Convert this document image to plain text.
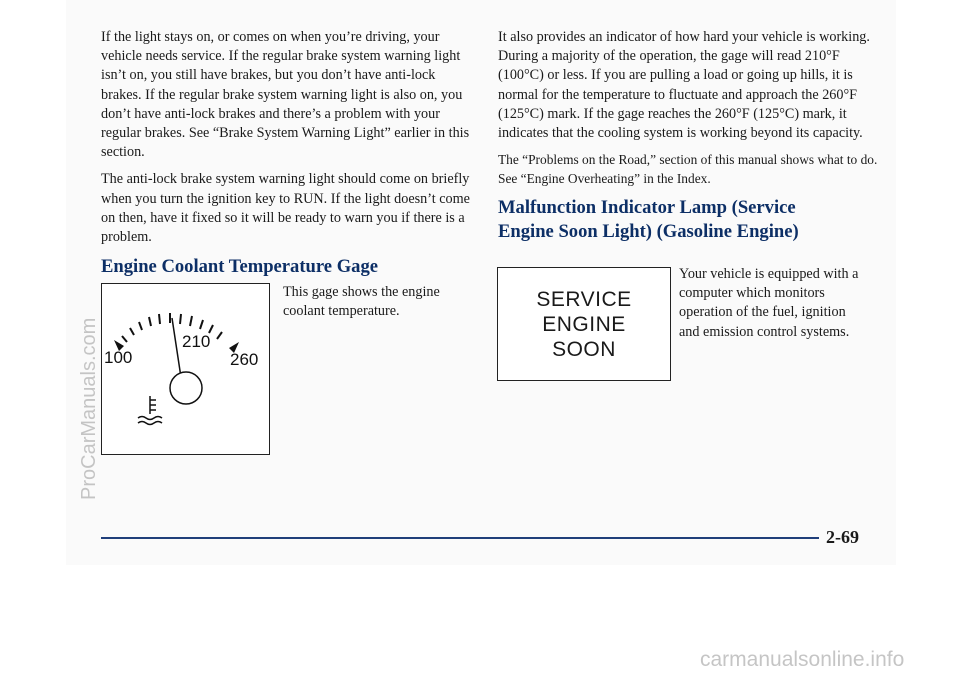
If the light stays on, or comes on when you’re driving, your vehicle needs service. If the regular brake system warning light isn’t on, you still have brakes, but you don’t have anti-lock brakes. If the regular brake system warning light is also on, you don’t have anti-lock brakes and there’s a problem with your regular brakes. See “Brake System Warning Light” earlier in this section.

The anti-lock brake system warning light should come on briefly when you turn the ignition key to RUN. If the light doesn’t come on then, have it fixed so it will be ready to warn you if there is a problem.

Engine Coolant Temperature Gage
100
210
260

This gage shows the engine coolant temperature.

It also provides an indicator of how hard your vehicle is working. During a majority of the operation, the gage will read 210°F (100°C) or less. If you are pulling a load or going up hills, it is normal for the temperature to fluctuate and approach the 260°F (125°C) mark. If the gage reaches the 260°F (125°C) mark, it indicates that the cooling system is working beyond its capacity.

The “Problems on the Road,” section of this manual shows what to do. See “Engine Overheating” in the Index.

Malfunction Indicator Lamp (Service
Engine Soon Light) (Gasoline Engine)
SERVICE
ENGINE
SOON

Your vehicle is equipped with a computer which monitors operation of the fuel, ignition and emission control systems.

2-69
ProCarManuals.com
carmanualsonline.info
